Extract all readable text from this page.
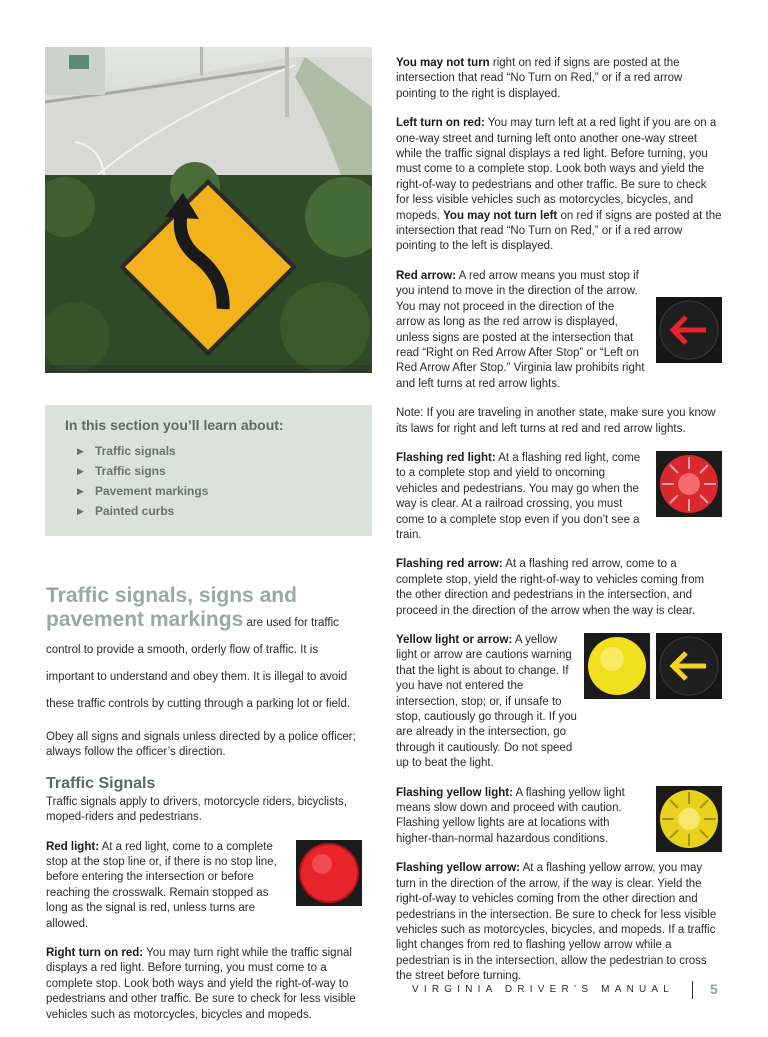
In this section you’ll learn about:

▶ Traffic signals
▶ Traffic signs
▶ Pavement markings
▶ Painted curbs

Traffic signals, signs and pavement markings are used for traffic control to provide a smooth, orderly flow of traffic. It is important to understand and obey them. It is illegal to avoid these traffic controls by cutting through a parking lot or field.

Obey all signs and signals unless directed by a police officer; always follow the officer’s direction.

Traffic Signals

Traffic signals apply to drivers, motorcycle riders, bicyclists, moped-riders and pedestrians.

Red light: At a red light, come to a complete stop at the stop line or, if there is no stop line, before entering the intersection or before reaching the crosswalk. Remain stopped as long as the signal is red, unless turns are allowed.

Right turn on red: You may turn right while the traffic signal displays a red light. Before turning, you must come to a complete stop. Look both ways and yield the right-of-way to pedestrians and other traffic. Be sure to check for less visible vehicles such as motorcycles, bicycles and mopeds.

You may not turn right on red if signs are posted at the intersection that read “No Turn on Red,” or if a red arrow pointing to the right is displayed.

Left turn on red: You may turn left at a red light if you are on a one-way street and turning left onto another one-way street while the traffic signal displays a red light. Before turning, you must come to a complete stop. Look both ways and yield the right-of-way to pedestrians and other traffic. Be sure to check for less visible vehicles such as motorcycles, bicycles, and mopeds. You may not turn left on red if signs are posted at the intersection that read “No Turn on Red,” or if a red arrow pointing to the left is displayed.

Red arrow: A red arrow means you must stop if you intend to move in the direction of the arrow. You may not proceed in the direction of the arrow as long as the red arrow is displayed, unless signs are posted at the intersection that read “Right on Red Arrow After Stop” or “Left on Red Arrow After Stop.” Virginia law prohibits right and left turns at red arrow lights.

Note: If you are traveling in another state, make sure you know its laws for right and left turns at red and red arrow lights.

Flashing red light: At a flashing red light, come to a complete stop and yield to oncoming vehicles and pedestrians. You may go when the way is clear. At a railroad crossing, you must come to a complete stop even if you don’t see a train.

Flashing red arrow: At a flashing red arrow, come to a complete stop, yield the right-of-way to vehicles coming from the other direction and pedestrians in the intersection, and proceed in the direction of the arrow when the way is clear.

Yellow light or arrow: A yellow light or arrow are cautions warning that the light is about to change. If you have not entered the intersection, stop; or, if unsafe to stop, cautiously go through it. If you are already in the intersection, go through it cautiously. Do not speed up to beat the light.

Flashing yellow light: A flashing yellow light means slow down and proceed with caution. Flashing yellow lights are at locations with higher-than-normal hazardous conditions.

Flashing yellow arrow: At a flashing yellow arrow, you may turn in the direction of the arrow, if the way is clear. Yield the right-of-way to vehicles coming from the other direction and pedestrians in the intersection. Be sure to check for less visible vehicles such as motorcycles, bicycles, and mopeds. If a traffic light changes from red to flashing yellow arrow while a pedestrian is in the intersection, allow the pedestrian to cross the street before turning.

VIRGINIA DRIVER’S MANUAL	5
